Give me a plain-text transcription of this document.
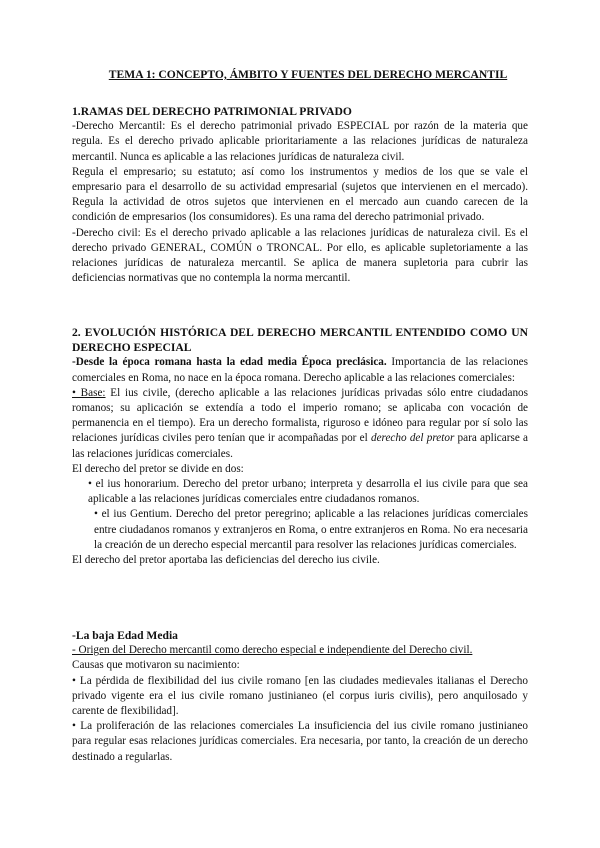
TEMA 1: CONCEPTO, ÁMBITO Y FUENTES DEL DERECHO MERCANTIL

1.RAMAS DEL DERECHO PATRIMONIAL PRIVADO

-Derecho Mercantil: Es el derecho patrimonial privado ESPECIAL por razón de la materia que regula. Es el derecho privado aplicable prioritariamente a las relaciones jurídicas de naturaleza mercantil. Nunca es aplicable a las relaciones jurídicas de naturaleza civil.

Regula el empresario; su estatuto; así como los instrumentos y medios de los que se vale el empresario para el desarrollo de su actividad empresarial (sujetos que intervienen en el mercado). Regula la actividad de otros sujetos que intervienen en el mercado aun cuando carecen de la condición de empresarios (los consumidores). Es una rama del derecho patrimonial privado.

-Derecho civil: Es el derecho privado aplicable a las relaciones jurídicas de naturaleza civil. Es el derecho privado GENERAL, COMÚN o TRONCAL. Por ello, es aplicable supletoriamente a las relaciones jurídicas de naturaleza mercantil. Se aplica de manera supletoria para cubrir las deficiencias normativas que no contempla la norma mercantil.

2. EVOLUCIÓN HISTÓRICA DEL DERECHO MERCANTIL ENTENDIDO COMO UN DERECHO ESPECIAL

-Desde la época romana hasta la edad media Época preclásica. Importancia de las relaciones comerciales en Roma, no nace en la época romana. Derecho aplicable a las relaciones comerciales:

• Base: El ius civile, (derecho aplicable a las relaciones jurídicas privadas sólo entre ciudadanos romanos; su aplicación se extendía a todo el imperio romano; se aplicaba con vocación de permanencia en el tiempo). Era un derecho formalista, riguroso e idóneo para regular por sí solo las relaciones jurídicas civiles pero tenían que ir acompañadas por el derecho del pretor para aplicarse a las relaciones jurídicas comerciales.

El derecho del pretor se divide en dos:

• el ius honorarium. Derecho del pretor urbano; interpreta y desarrolla el ius civile para que sea aplicable a las relaciones jurídicas comerciales entre ciudadanos romanos.

• el ius Gentium. Derecho del pretor peregrino; aplicable a las relaciones jurídicas comerciales entre ciudadanos romanos y extranjeros en Roma, o entre extranjeros en Roma. No era necesaria la creación de un derecho especial mercantil para resolver las relaciones jurídicas comerciales.

El derecho del pretor aportaba las deficiencias del derecho ius civile.

-La baja Edad Media

- Origen del Derecho mercantil como derecho especial e independiente del Derecho civil.

Causas que motivaron su nacimiento:

• La pérdida de flexibilidad del ius civile romano [en las ciudades medievales italianas el Derecho privado vigente era el ius civile romano justinianeo (el corpus iuris civilis), pero anquilosado y carente de flexibilidad].

• La proliferación de las relaciones comerciales La insuficiencia del ius civile romano justinianeo para regular esas relaciones jurídicas comerciales. Era necesaria, por tanto, la creación de un derecho destinado a regularlas.
